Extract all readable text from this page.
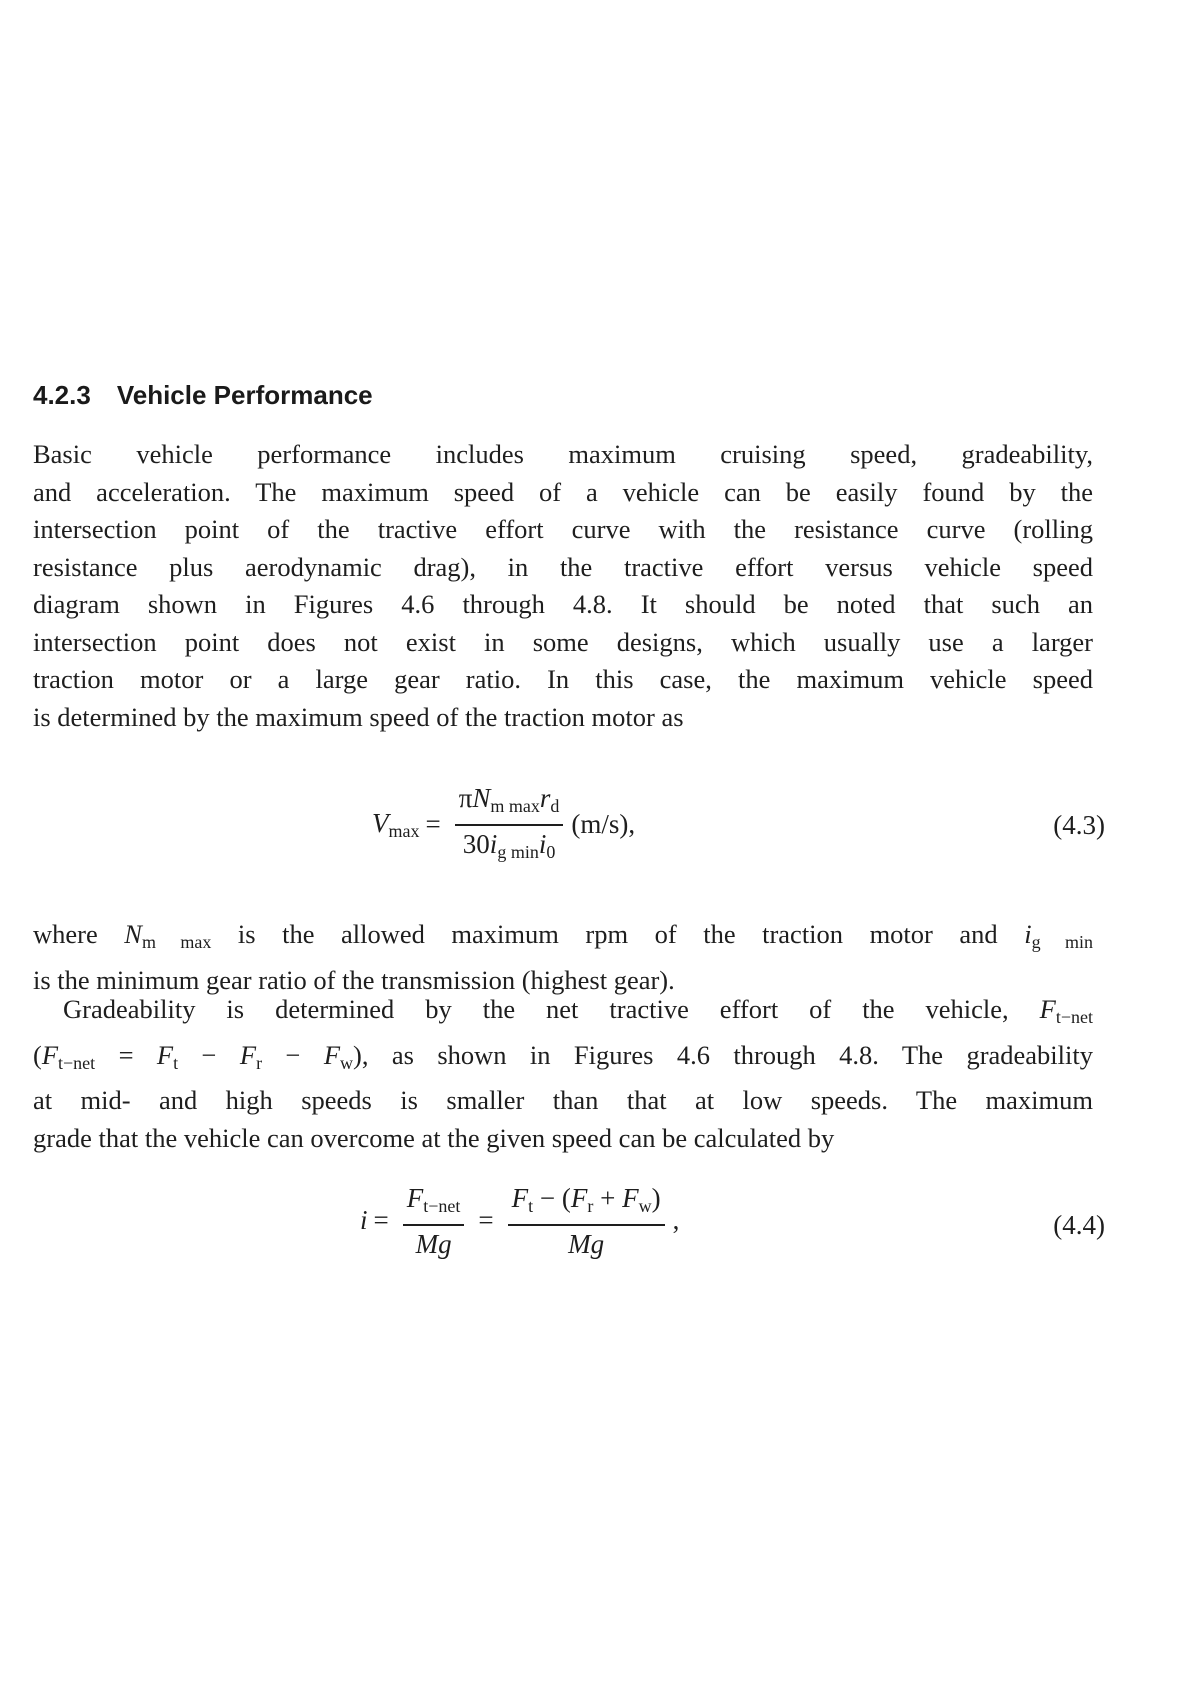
4.2.3 Vehicle Performance
Basic vehicle performance includes maximum cruising speed, gradeability,
and acceleration. The maximum speed of a vehicle can be easily found by the
intersection point of the tractive effort curve with the resistance curve (rolling
resistance plus aerodynamic drag), in the tractive effort versus vehicle speed
diagram shown in Figures 4.6 through 4.8. It should be noted that such an
intersection point does not exist in some designs, which usually use a larger
traction motor or a large gear ratio. In this case, the maximum vehicle speed
is determined by the maximum speed of the traction motor as
$V_{max} = \frac{\pi N_{m max}r_d}{30i_{g min}i_0} (m/s)$,	(4.3)
where $N_{m max}$ is the allowed maximum rpm of the traction motor and $i_{g min}$
is the minimum gear ratio of the transmission (highest gear).
Gradeability is determined by the net tractive effort of the vehicle, $F_{t-net}$
$(F_{t-net} = F_t - F_r - F_w)$, as shown in Figures 4.6 through 4.8. The gradeability
at mid- and high speeds is smaller than that at low speeds. The maximum
grade that the vehicle can overcome at the given speed can be calculated by
$i = \frac{F_{t-net}}{Mg} = \frac{F_t - (F_r + F_w)}{Mg}$ ,	(4.4)
